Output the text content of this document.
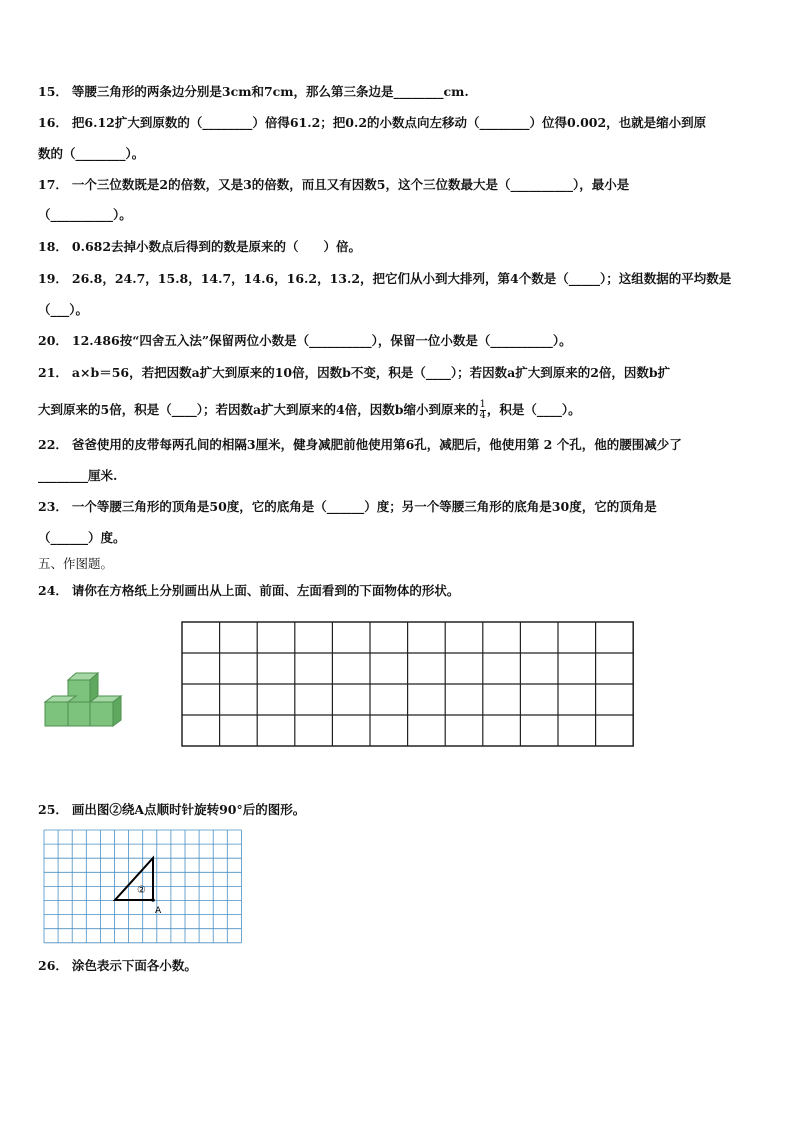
15． 等腰三角形的两条边分别是3cm和7cm，那么第三条边是________cm.
16． 把6.12扩大到原数的（________）倍得61.2；把0.2的小数点向左移动（________）位得0.002，也就是缩小到原
数的（________）。
17． 一个三位数既是2的倍数，又是3的倍数，而且又有因数5，这个三位数最大是（__________），最小是
（__________）。
18． 0.682去掉小数点后得到的数是原来的（　　）倍。
19． 26.8，24.7，15.8，14.7，14.6，16.2，13.2，把它们从小到大排列，第4个数是（_____）；这组数据的平均数是
（___）。
20． 12.486按“四舍五入法”保留两位小数是（__________），保留一位小数是（__________）。
21． a×b＝56，若把因数a扩大到原来的10倍，因数b不变，积是（____）；若因数a扩大到原来的2倍，因数b扩
大到原来的5倍，积是（____）；若因数a扩大到原来的4倍，因数b缩小到原来的 $\frac{1}{4}$ ，积是（____）。
22． 爸爸使用的皮带每两孔间的相隔3厘米，健身减肥前他使用第6孔，减肥后，他使用第 2 个孔，他的腰围减少了
________厘米.
23． 一个等腰三角形的顶角是50度，它的底角是（______）度；另一个等腰三角形的底角是30度，它的顶角是
（______）度。
五、作图题。
24． 请你在方格纸上分别画出从上面、前面、左面看到的下面物体的形状。
25． 画出图②绕A点顺时针旋转90°后的图形。
②
A
26． 涂色表示下面各小数。
